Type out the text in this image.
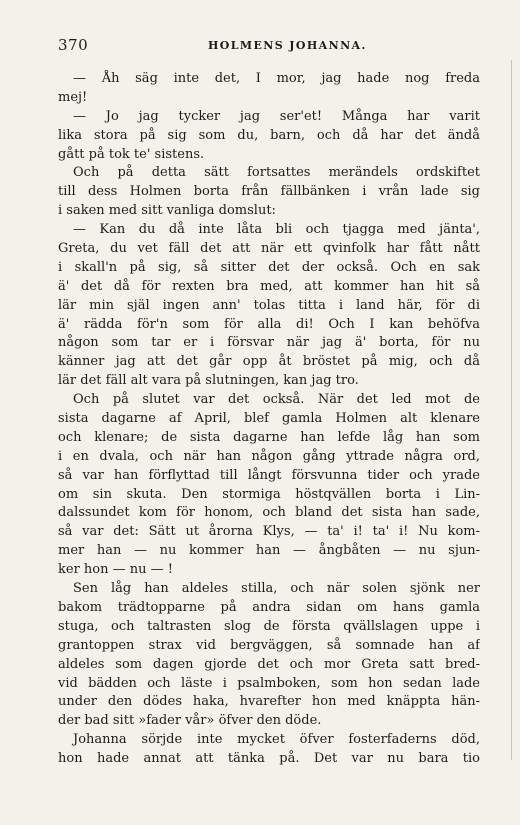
370	HOLMENS JOHANNA.
— Åh säg inte det, I mor, jag hade nog freda
mej!
— Jo jag tycker jag ser'et! Många har varit
lika stora på sig som du, barn, och då har det ändå
gått på tok te' sistens.
Och på detta sätt fortsattes merändels ordskiftet
till dess Holmen borta från fällbänken i vrån lade sig
i saken med sitt vanliga domslut:
— Kan du då inte låta bli och tjagga med jänta',
Greta, du vet fäll det att när ett qvinfolk har fått nått
i skall'n på sig, så sitter det der också. Och en sak
ä' det då för rexten bra med, att kommer han hit så
lär min själ ingen ann' tolas titta i land här, för di
ä' rädda för'n som för alla di! Och I kan behöfva
någon som tar er i försvar när jag ä' borta, för nu
känner jag att det går opp åt bröstet på mig, och då
lär det fäll alt vara på slutningen, kan jag tro.
Och på slutet var det också. När det led mot de
sista dagarne af April, blef gamla Holmen alt klenare
och klenare; de sista dagarne han lefde låg han som
i en dvala, och när han någon gång yttrade några ord,
så var han förflyttad till långt försvunna tider och yrade
om sin skuta. Den stormiga höstqvällen borta i Lin-
dalssundet kom för honom, och bland det sista han sade,
så var det: Sätt ut årorna Klys, — ta' i! ta' i! Nu kom-
mer han — nu kommer han — ångbåten — nu sjun-
ker hon — nu — !
Sen låg han aldeles stilla, och när solen sjönk ner
bakom trädtopparne på andra sidan om hans gamla
stuga, och taltrasten slog de första qvällslagen uppe i
grantoppen strax vid bergväggen, så somnade han af
aldeles som dagen gjorde det och mor Greta satt bred-
vid bädden och läste i psalmboken, som hon sedan lade
under den dödes haka, hvarefter hon med knäppta hän-
der bad sitt »fader vår» öfver den döde.
Johanna sörjde inte mycket öfver fosterfaderns död,
hon hade annat att tänka på. Det var nu bara tio
